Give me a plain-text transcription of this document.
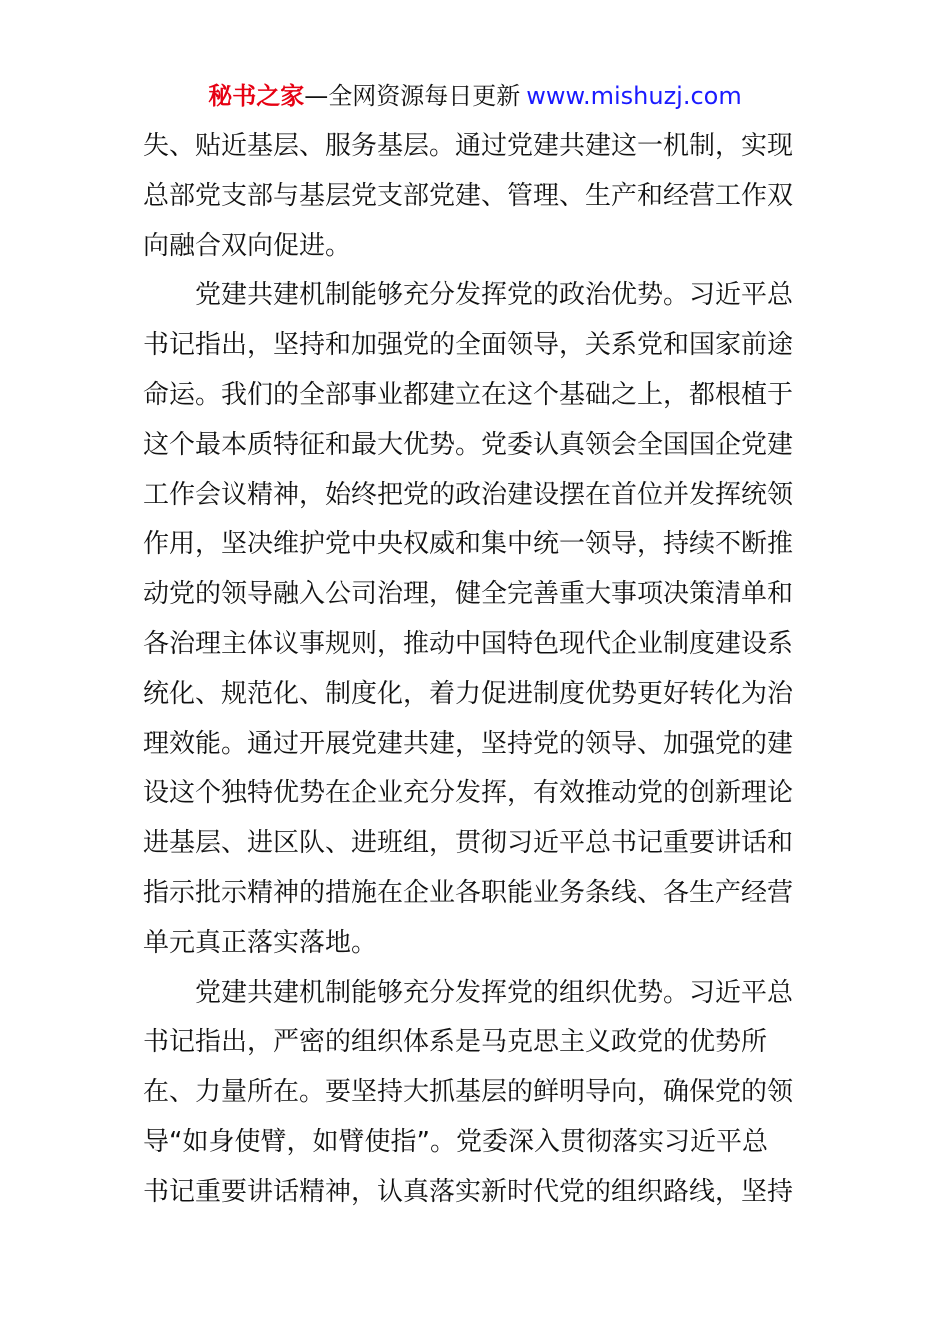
秘书之家—全网资源每日更新 www.mishuzj.com
失、贴近基层、服务基层。通过党建共建这一机制，实现
总部党支部与基层党支部党建、管理、生产和经营工作双
向融合双向促进。
党建共建机制能够充分发挥党的政治优势。习近平总
书记指出，坚持和加强党的全面领导，关系党和国家前途
命运。我们的全部事业都建立在这个基础之上，都根植于
这个最本质特征和最大优势。党委认真领会全国国企党建
工作会议精神，始终把党的政治建设摆在首位并发挥统领
作用，坚决维护党中央权威和集中统一领导，持续不断推
动党的领导融入公司治理，健全完善重大事项决策清单和
各治理主体议事规则，推动中国特色现代企业制度建设系
统化、规范化、制度化，着力促进制度优势更好转化为治
理效能。通过开展党建共建，坚持党的领导、加强党的建
设这个独特优势在企业充分发挥，有效推动党的创新理论
进基层、进区队、进班组，贯彻习近平总书记重要讲话和
指示批示精神的措施在企业各职能业务条线、各生产经营
单元真正落实落地。
党建共建机制能够充分发挥党的组织优势。习近平总
书记指出，严密的组织体系是马克思主义政党的优势所
在、力量所在。要坚持大抓基层的鲜明导向，确保党的领
导“如身使臂，如臂使指”。党委深入贯彻落实习近平总
书记重要讲话精神，认真落实新时代党的组织路线，坚持
